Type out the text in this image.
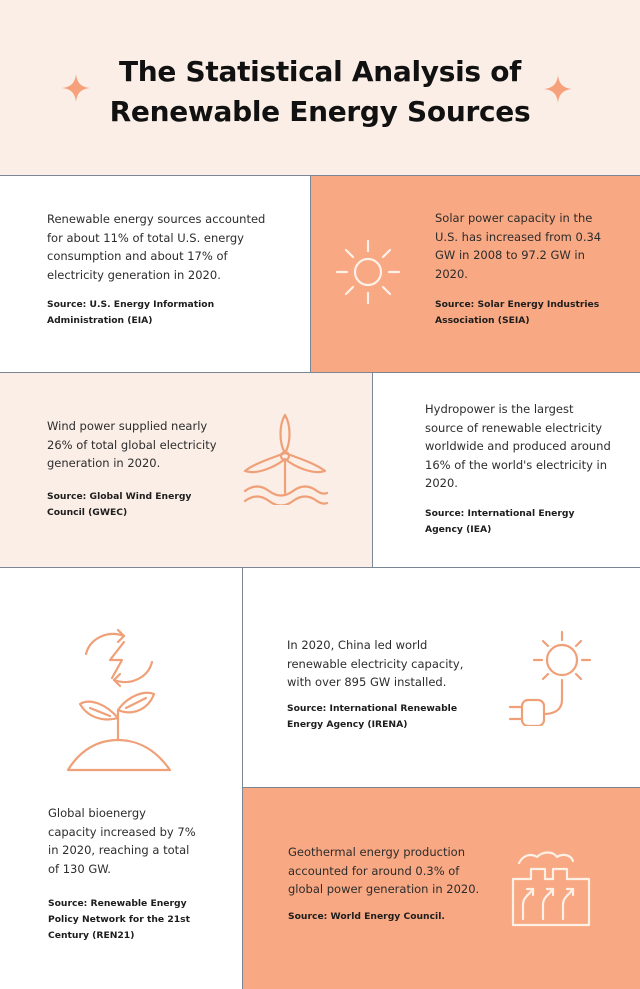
The Statistical Analysis of Renewable Energy Sources
Renewable energy sources accounted for about 11% of total U.S. energy consumption and about 17% of electricity generation in 2020.
Source: U.S. Energy Information Administration (EIA)
Solar power capacity in the U.S. has increased from 0.34 GW in 2008 to 97.2 GW in 2020.
Source: Solar Energy Industries Association (SEIA)
Wind power supplied nearly 26% of total global electricity generation in 2020.
Source: Global Wind Energy Council (GWEC)
Hydropower is the largest source of renewable electricity worldwide and produced around 16% of the world's electricity in 2020.
Source: International Energy Agency (IEA)
Global bioenergy capacity increased by 7% in 2020, reaching a total of 130 GW.
Source: Renewable Energy Policy Network for the 21st Century (REN21)
In 2020, China led world renewable electricity capacity, with over 895 GW installed.
Source: International Renewable Energy Agency (IRENA)
Geothermal energy production accounted for around 0.3% of global power generation in 2020.
Source: World Energy Council.
